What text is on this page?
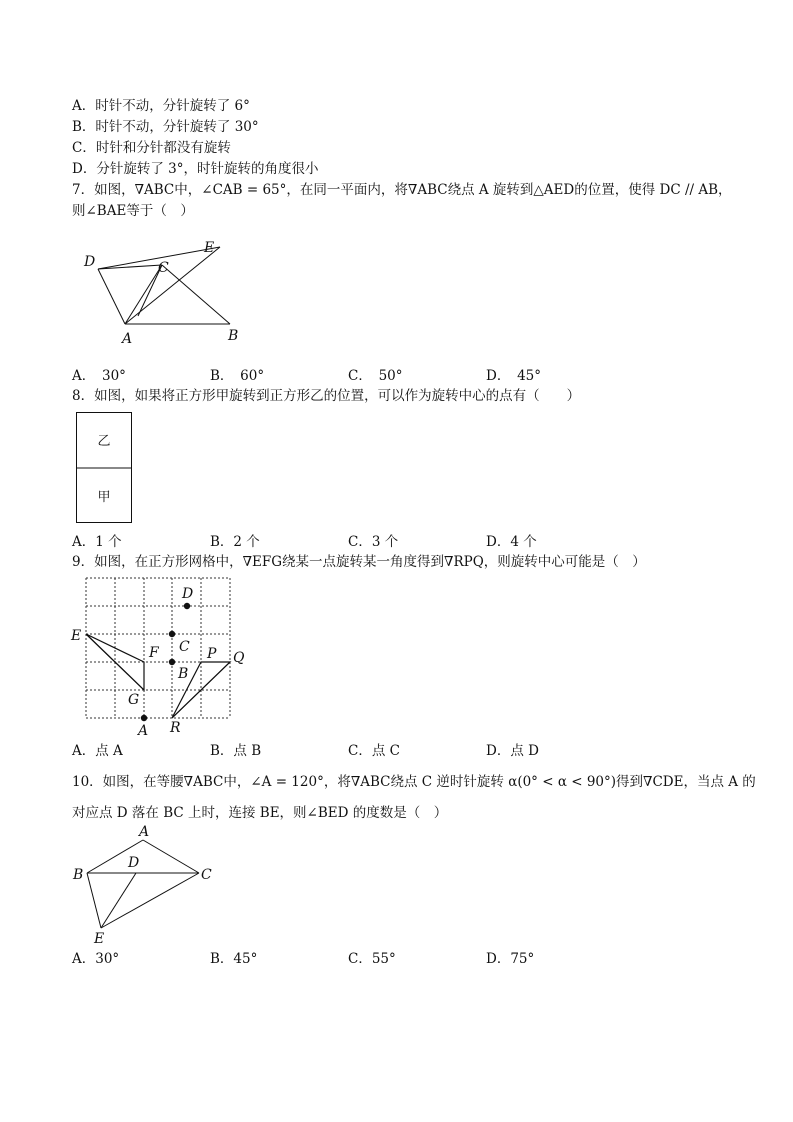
A．时针不动，分针旋转了 6°
B．时针不动，分针旋转了 30°
C．时针和分针都没有旋转
D．分针旋转了 3°，时针旋转的角度很小
7．如图，∇ABC中，∠CAB = 65°，在同一平面内，将∇ABC绕点 A 旋转到△AED的位置，使得 DC // AB，
则∠BAE等于（　）
D	C
E
A	B
A．　30°	B．　60°	C．　50°	D．　45°
8．如图，如果将正方形甲旋转到正方形乙的位置，可以作为旋转中心的点有（　　）
乙
甲
A．1 个	B．2 个	C．3 个	D．4 个
9．如图，在正方形网格中，∇EFG绕某一点旋转某一角度得到∇RPQ，则旋转中心可能是（　）
D
E
C
F	P Q
B
G
A R
A．点 A	B．点 B	C．点 C	D．点 D
10．如图，在等腰∇ABC中，∠A = 120°，将∇ABC绕点 C 逆时针旋转 α(0° < α < 90°)得到∇CDE，当点 A 的
对应点 D 落在 BC 上时，连接 BE，则∠BED 的度数是（　）
A
B	C
D
E
A．30°	B．45°	C．55°	D．75°
